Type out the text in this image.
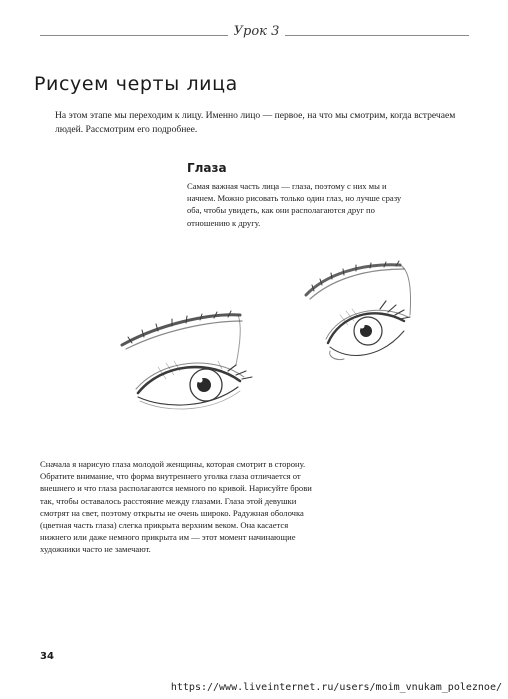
Урок 3
Рисуем черты лица

На этом этапе мы переходим к лицу. Именно лицо — первое, на что мы смотрим, когда встречаем людей. Рассмотрим его подробнее.

Глаза

Самая важная часть лица — глаза, поэтому с них мы и начнем. Можно рисовать только один глаз, но лучше сразу оба, чтобы увидеть, как они располагаются друг по отношению к другу.

Сначала я нарисую глаза молодой женщины, которая смотрит в сторону. Обратите внимание, что форма внутреннего уголка глаза отличается от внешнего и что глаза располагаются немного по кривой. Нарисуйте брови так, чтобы оставалось расстояние между глазами. Глаза этой девушки смотрят на свет, поэтому открыты не очень широко. Радужная оболочка (цветная часть глаза) слегка прикрыта верхним веком. Она касается нижнего или даже немного прикрыта им — этот момент начинающие художники часто не замечают.

34
https://www.liveinternet.ru/users/moim_vnukam_poleznoe/
